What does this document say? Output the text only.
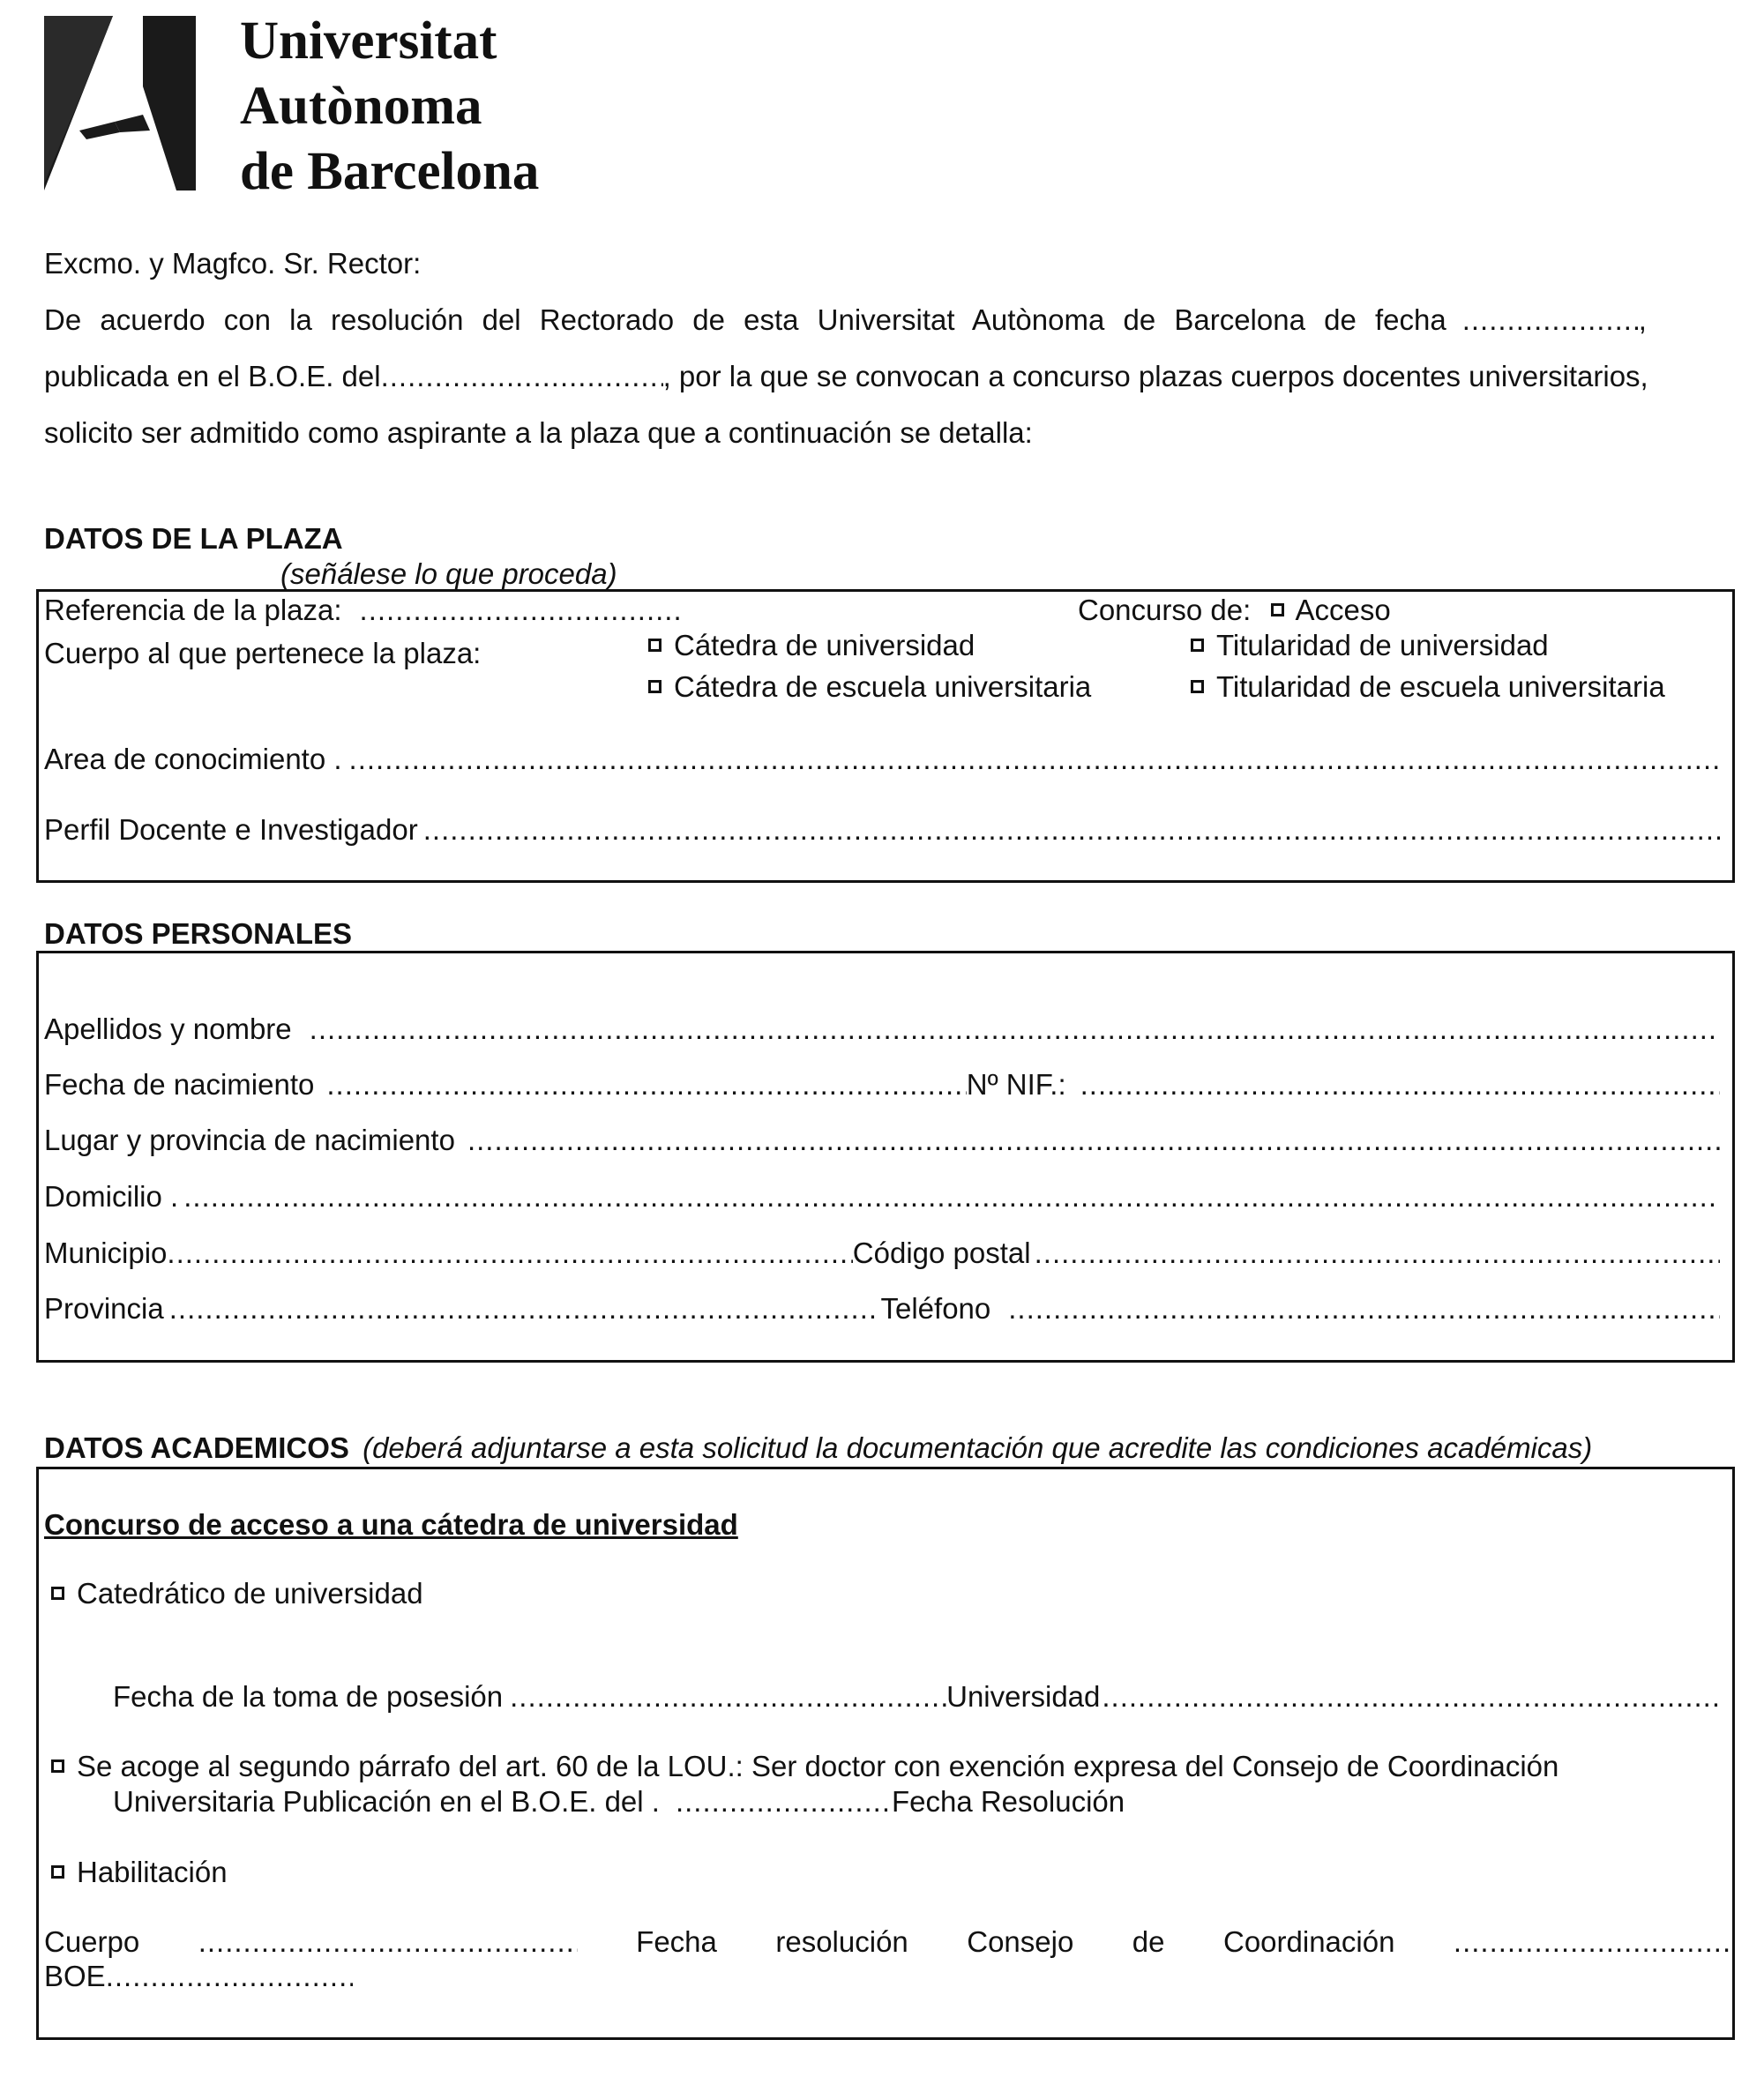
Universitat
Autònoma
de Barcelona
Excmo. y Magfco. Sr. Rector:
De acuerdo con la resolución del Rectorado de esta Universitat Autònoma de Barcelona de fecha .....	,
publicada en el B.O.E. del .....	, por la que se convocan a concurso plazas cuerpos docentes universitarios,
solicito ser admitido como aspirante a la plaza que a continuación se detalla:
DATOS DE LA PLAZA
(señálese lo que proceda)
Referencia de la plaza: .....	Concurso de: Acceso
Cuerpo al que pertenece la plaza:	Cátedra de universidad	Titularidad de universidad
Cátedra de escuela universitaria	Titularidad de escuela universitaria
Area de conocimiento .
.....
Perfil Docente e Investigador
.....
DATOS PERSONALES
Apellidos y nombre
.....
Fecha de nacimiento .....	Nº NIF.:
.....
Lugar y provincia de nacimiento
.....
Domicilio .
.....
Municipio .....	Código postal
.....
Provincia .....	Teléfono
.....
DATOS ACADEMICOS (deberá adjuntarse a esta solicitud la documentación que acredite las condiciones académicas)
Concurso de acceso a una cátedra de universidad
Catedrático de universidad
Fecha de la toma de posesión .....	Universidad
.....
Se acoge al segundo párrafo del art. 60 de la LOU.: Ser doctor con exención expresa del Consejo de Coordinación
Universitaria Publicación en el B.O.E. del . .....	Fecha Resolución
Habilitación
Cuerpo .....	Fecha resolución Consejo de Coordinación
.....
BOE
.....
